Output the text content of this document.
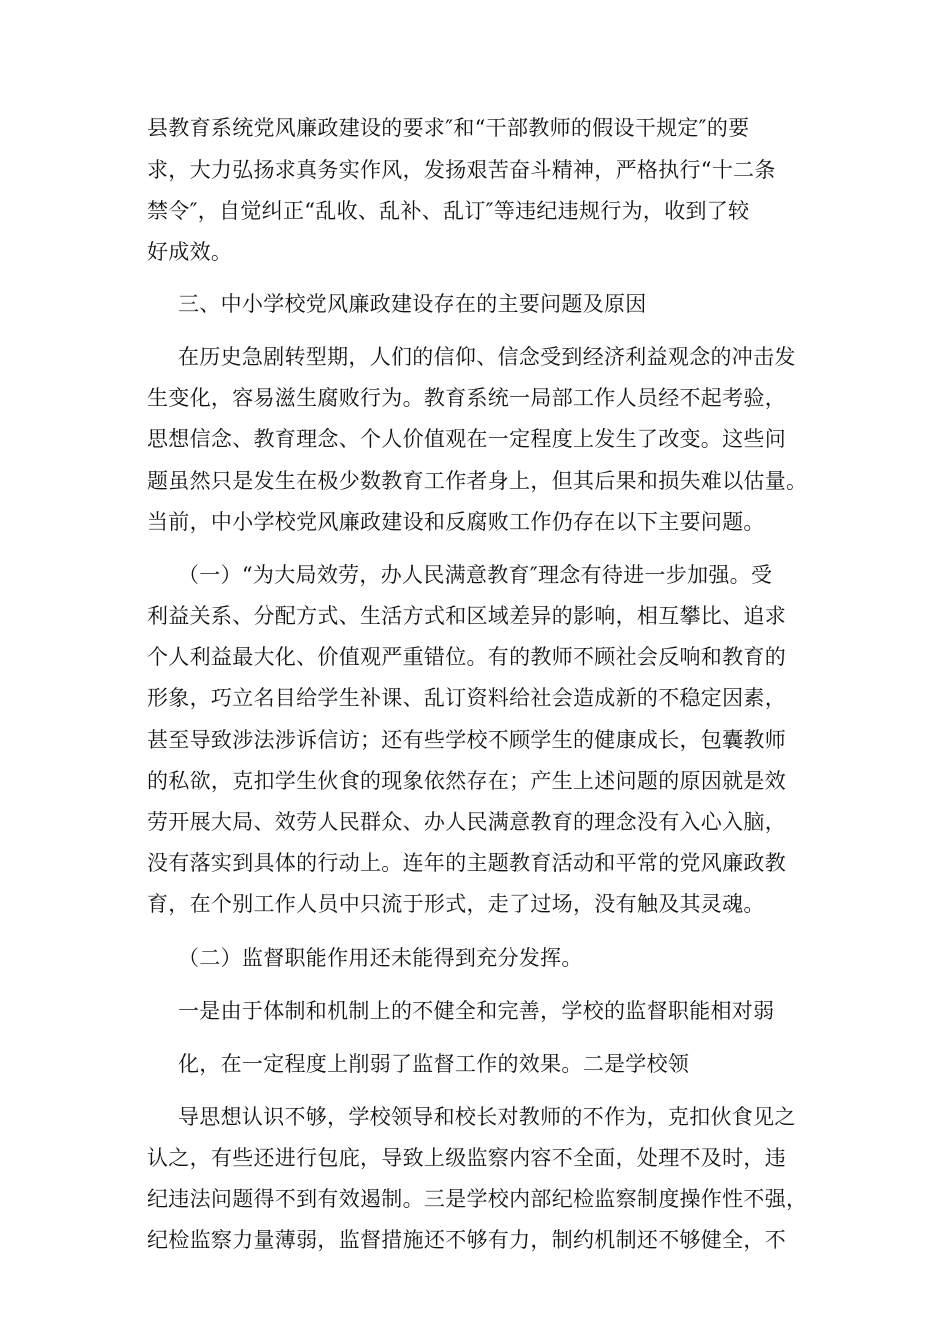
县教育系统党风廉政建设的要求″和“干部教师的假设干规定″的要
求，大力弘扬求真务实作风，发扬艰苦奋斗精神，严格执行“十二条
禁令″，自觉纠正“乱收、乱补、乱订″等违纪违规行为，收到了较
好成效。
三、中小学校党风廉政建设存在的主要问题及原因
在历史急剧转型期，人们的信仰、信念受到经济利益观念的冲击发
生变化，容易滋生腐败行为。教育系统一局部工作人员经不起考验，
思想信念、教育理念、个人价值观在一定程度上发生了改变。这些问
题虽然只是发生在极少数教育工作者身上，但其后果和损失难以估量。
当前，中小学校党风廉政建设和反腐败工作仍存在以下主要问题。
（一）“为大局效劳，办人民满意教育″理念有待进一步加强。受
利益关系、分配方式、生活方式和区域差异的影响，相互攀比、追求
个人利益最大化、价值观严重错位。有的教师不顾社会反响和教育的
形象，巧立名目给学生补课、乱订资料给社会造成新的不稳定因素，
甚至导致涉法涉诉信访；还有些学校不顾学生的健康成长，包囊教师
的私欲，克扣学生伙食的现象依然存在；产生上述问题的原因就是效
劳开展大局、效劳人民群众、办人民满意教育的理念没有入心入脑，
没有落实到具体的行动上。连年的主题教育活动和平常的党风廉政教
育，在个别工作人员中只流于形式，走了过场，没有触及其灵魂。
（二）监督职能作用还未能得到充分发挥。
一是由于体制和机制上的不健全和完善，学校的监督职能相对弱
化，在一定程度上削弱了监督工作的效果。二是学校领
导思想认识不够，学校领导和校长对教师的不作为，克扣伙食见之
认之，有些还进行包庇，导致上级监察内容不全面，处理不及时，违
纪违法问题得不到有效遏制。三是学校内部纪检监察制度操作性不强，
纪检监察力量薄弱，监督措施还不够有力，制约机制还不够健全，不
